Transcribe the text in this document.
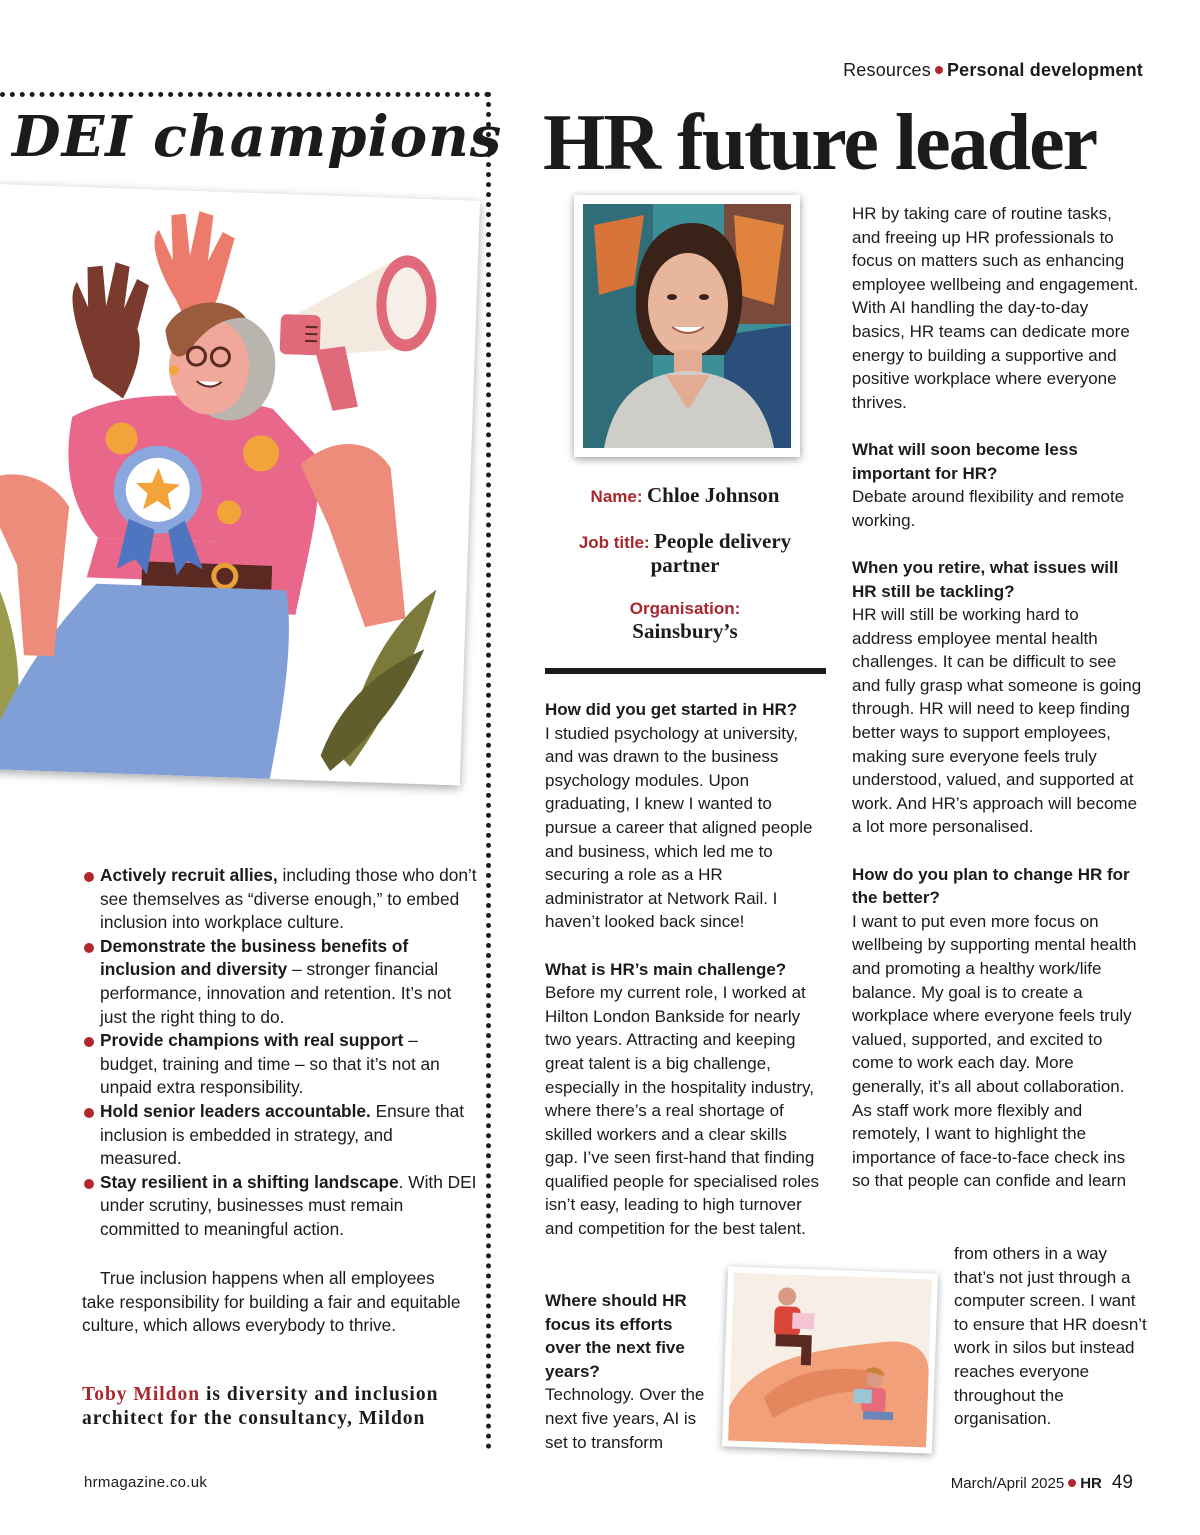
Resources Personal development
DEI champions HR future leader
Actively recruit allies, including those who don’t see themselves as “diverse enough,” to embed inclusion into workplace culture.
Demonstrate the business benefits of inclusion and diversity – stronger financial performance, innovation and retention. It’s not just the right thing to do.
Provide champions with real support – budget, training and time – so that it’s not an unpaid extra responsibility.
Hold senior leaders accountable. Ensure that inclusion is embedded in strategy, and measured.
Stay resilient in a shifting landscape. With DEI under scrutiny, businesses must remain committed to meaningful action.

True inclusion happens when all employees take responsibility for building a fair and equitable culture, which allows everybody to thrive.

Toby Mildon is diversity and inclusion architect for the consultancy, Mildon
Name: Chloe Johnson
Job title: People delivery partner
Organisation:
Sainsbury’s
How did you get started in HR?

I studied psychology at university, and was drawn to the business psychology modules. Upon graduating, I knew I wanted to pursue a career that aligned people and business, which led me to securing a role as a HR administrator at Network Rail. I haven’t looked back since!

What is HR’s main challenge?

Before my current role, I worked at Hilton London Bankside for nearly two years. Attracting and keeping great talent is a big challenge, especially in the hospitality industry, where there’s a real shortage of skilled workers and a clear skills gap. I’ve seen first-hand that finding qualified people for specialised roles isn’t easy, leading to high turnover and competition for the best talent.

Where should HR focus its efforts over the next five years?

Technology. Over the next five years, AI is set to transform

HR by taking care of routine tasks, and freeing up HR professionals to focus on matters such as enhancing employee wellbeing and engagement. With AI handling the day-to-day basics, HR teams can dedicate more energy to building a supportive and positive workplace where everyone thrives.

What will soon become less important for HR?

Debate around flexibility and remote working.

When you retire, what issues will HR still be tackling?

HR will still be working hard to address employee mental health challenges. It can be difficult to see and fully grasp what someone is going through. HR will need to keep finding better ways to support employees, making sure everyone feels truly understood, valued, and supported at work. And HR’s approach will become a lot more personalised.

How do you plan to change HR for the better?

I want to put even more focus on wellbeing by supporting mental health and promoting a healthy work/life balance. My goal is to create a workplace where everyone feels truly valued, supported, and excited to come to work each day. More generally, it’s all about collaboration. As staff work more flexibly and remotely, I want to highlight the importance of face-to-face check ins so that people can confide and learn

from others in a way that’s not just through a computer screen. I want to ensure that HR doesn’t work in silos but instead reaches everyone throughout the organisation.

hrmagazine.co.uk	March/April 2025 HR 49
